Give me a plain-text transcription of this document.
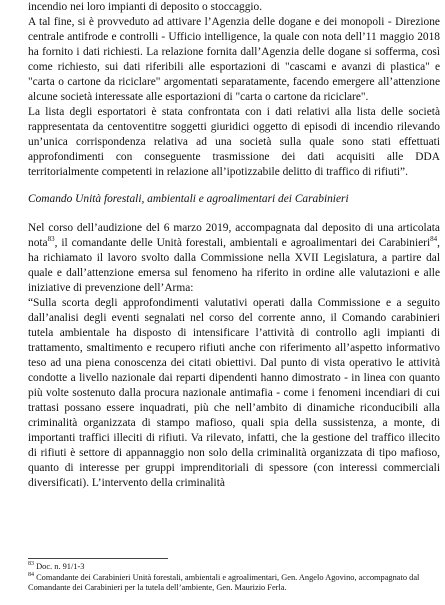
incendio nei loro impianti di deposito o stoccaggio.

A tal fine, si è provveduto ad attivare l’Agenzia delle dogane e dei monopoli - Direzione centrale antifrode e controlli - Ufficio intelligence, la quale con nota dell’11 maggio 2018 ha fornito i dati richiesti. La relazione fornita dall’Agenzia delle dogane si sofferma, così come richiesto, sui dati riferibili alle esportazioni di "cascami e avanzi di plastica" e "carta o cartone da riciclare" argomentati separatamente, facendo emergere all’attenzione alcune società interessate alle esportazioni di "carta o cartone da riciclare".

La lista degli esportatori è stata confrontata con i dati relativi alla lista delle società rappresentata da centoventitre soggetti giuridici oggetto di episodi di incendio rilevando un’unica corrispondenza relativa ad una società sulla quale sono stati effettuati approfondimenti con conseguente trasmissione dei dati acquisiti alle DDA territorialmente competenti in relazione all’ipotizzabile delitto di traffico di rifiuti”.

Comando Unità forestali, ambientali e agroalimentari dei Carabinieri

Nel corso dell’audizione del 6 marzo 2019, accompagnata dal deposito di una articolata nota$^{83}$, il comandante delle Unità forestali, ambientali e agroalimentari dei Carabinieri$^{84}$, ha richiamato il lavoro svolto dalla Commissione nella XVII Legislatura, a partire dal quale e dall’attenzione emersa sul fenomeno ha riferito in ordine alle valutazioni e alle iniziative di prevenzione dell’Arma:

“Sulla scorta degli approfondimenti valutativi operati dalla Commissione e a seguito dall’analisi degli eventi segnalati nel corso del corrente anno, il Comando carabinieri tutela ambientale ha disposto di intensificare l’attività di controllo agli impianti di trattamento, smaltimento e recupero rifiuti anche con riferimento all’aspetto informativo teso ad una piena conoscenza dei citati obiettivi. Dal punto di vista operativo le attività condotte a livello nazionale dai reparti dipendenti hanno dimostrato - in linea con quanto più volte sostenuto dalla procura nazionale antimafia - come i fenomeni incendiari di cui trattasi possano essere inquadrati, più che nell’ambito di dinamiche riconducibili alla criminalità organizzata di stampo mafioso, quali spia della sussistenza, a monte, di importanti traffici illeciti di rifiuti. Va rilevato, infatti, che la gestione del traffico illecito di rifiuti è settore di appannaggio non solo della criminalità organizzata di tipo mafioso, quanto di interesse per gruppi imprenditoriali di spessore (con interessi commerciali diversificati). L’intervento della criminalità

$^{83}$ Doc. n. 91/1-3

$^{84}$ Comandante dei Carabinieri Unità forestali, ambientali e agroalimentari, Gen. Angelo Agovino, accompagnato dal Comandante dei Carabinieri per la tutela dell’ambiente, Gen. Maurizio Ferla.
